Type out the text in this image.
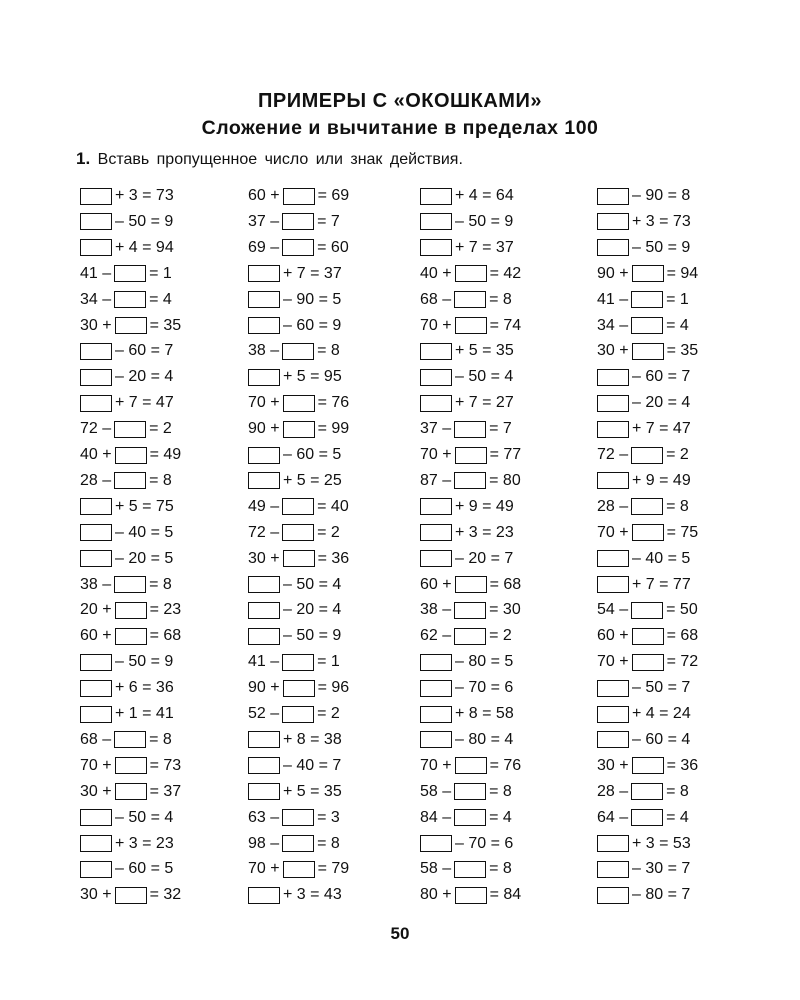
ПРИМЕРЫ С «ОКОШКАМИ»
Сложение и вычитание в пределах 100
1. Вставь пропущенное число или знак действия.
+ 3 = 73
– 50 = 9
+ 4 = 94
41 – = 1
34 – = 4
30 + = 35
– 60 = 7
– 20 = 4
+ 7 = 47
72 – = 2
40 + = 49
28 – = 8
+ 5 = 75
– 40 = 5
– 20 = 5
38 – = 8
20 + = 23
60 + = 68
– 50 = 9
+ 6 = 36
+ 1 = 41
68 – = 8
70 + = 73
30 + = 37
– 50 = 4
+ 3 = 23
– 60 = 5
30 + = 32
60 + = 69
37 – = 7
69 – = 60
+ 7 = 37
– 90 = 5
– 60 = 9
38 – = 8
+ 5 = 95
70 + = 76
90 + = 99
– 60 = 5
+ 5 = 25
49 – = 40
72 – = 2
30 + = 36
– 50 = 4
– 20 = 4
– 50 = 9
41 – = 1
90 + = 96
52 – = 2
+ 8 = 38
– 40 = 7
+ 5 = 35
63 – = 3
98 – = 8
70 + = 79
+ 3 = 43
+ 4 = 64
– 50 = 9
+ 7 = 37
40 + = 42
68 – = 8
70 + = 74
+ 5 = 35
– 50 = 4
+ 7 = 27
37 – = 7
70 + = 77
87 – = 80
+ 9 = 49
+ 3 = 23
– 20 = 7
60 + = 68
38 – = 30
62 – = 2
– 80 = 5
– 70 = 6
+ 8 = 58
– 80 = 4
70 + = 76
58 – = 8
84 – = 4
– 70 = 6
58 – = 8
80 + = 84
– 90 = 8
+ 3 = 73
– 50 = 9
90 + = 94
41 – = 1
34 – = 4
30 + = 35
– 60 = 7
– 20 = 4
+ 7 = 47
72 – = 2
+ 9 = 49
28 – = 8
70 + = 75
– 40 = 5
+ 7 = 77
54 – = 50
60 + = 68
70 + = 72
– 50 = 7
+ 4 = 24
– 60 = 4
30 + = 36
28 – = 8
64 – = 4
+ 3 = 53
– 30 = 7
– 80 = 7
50
